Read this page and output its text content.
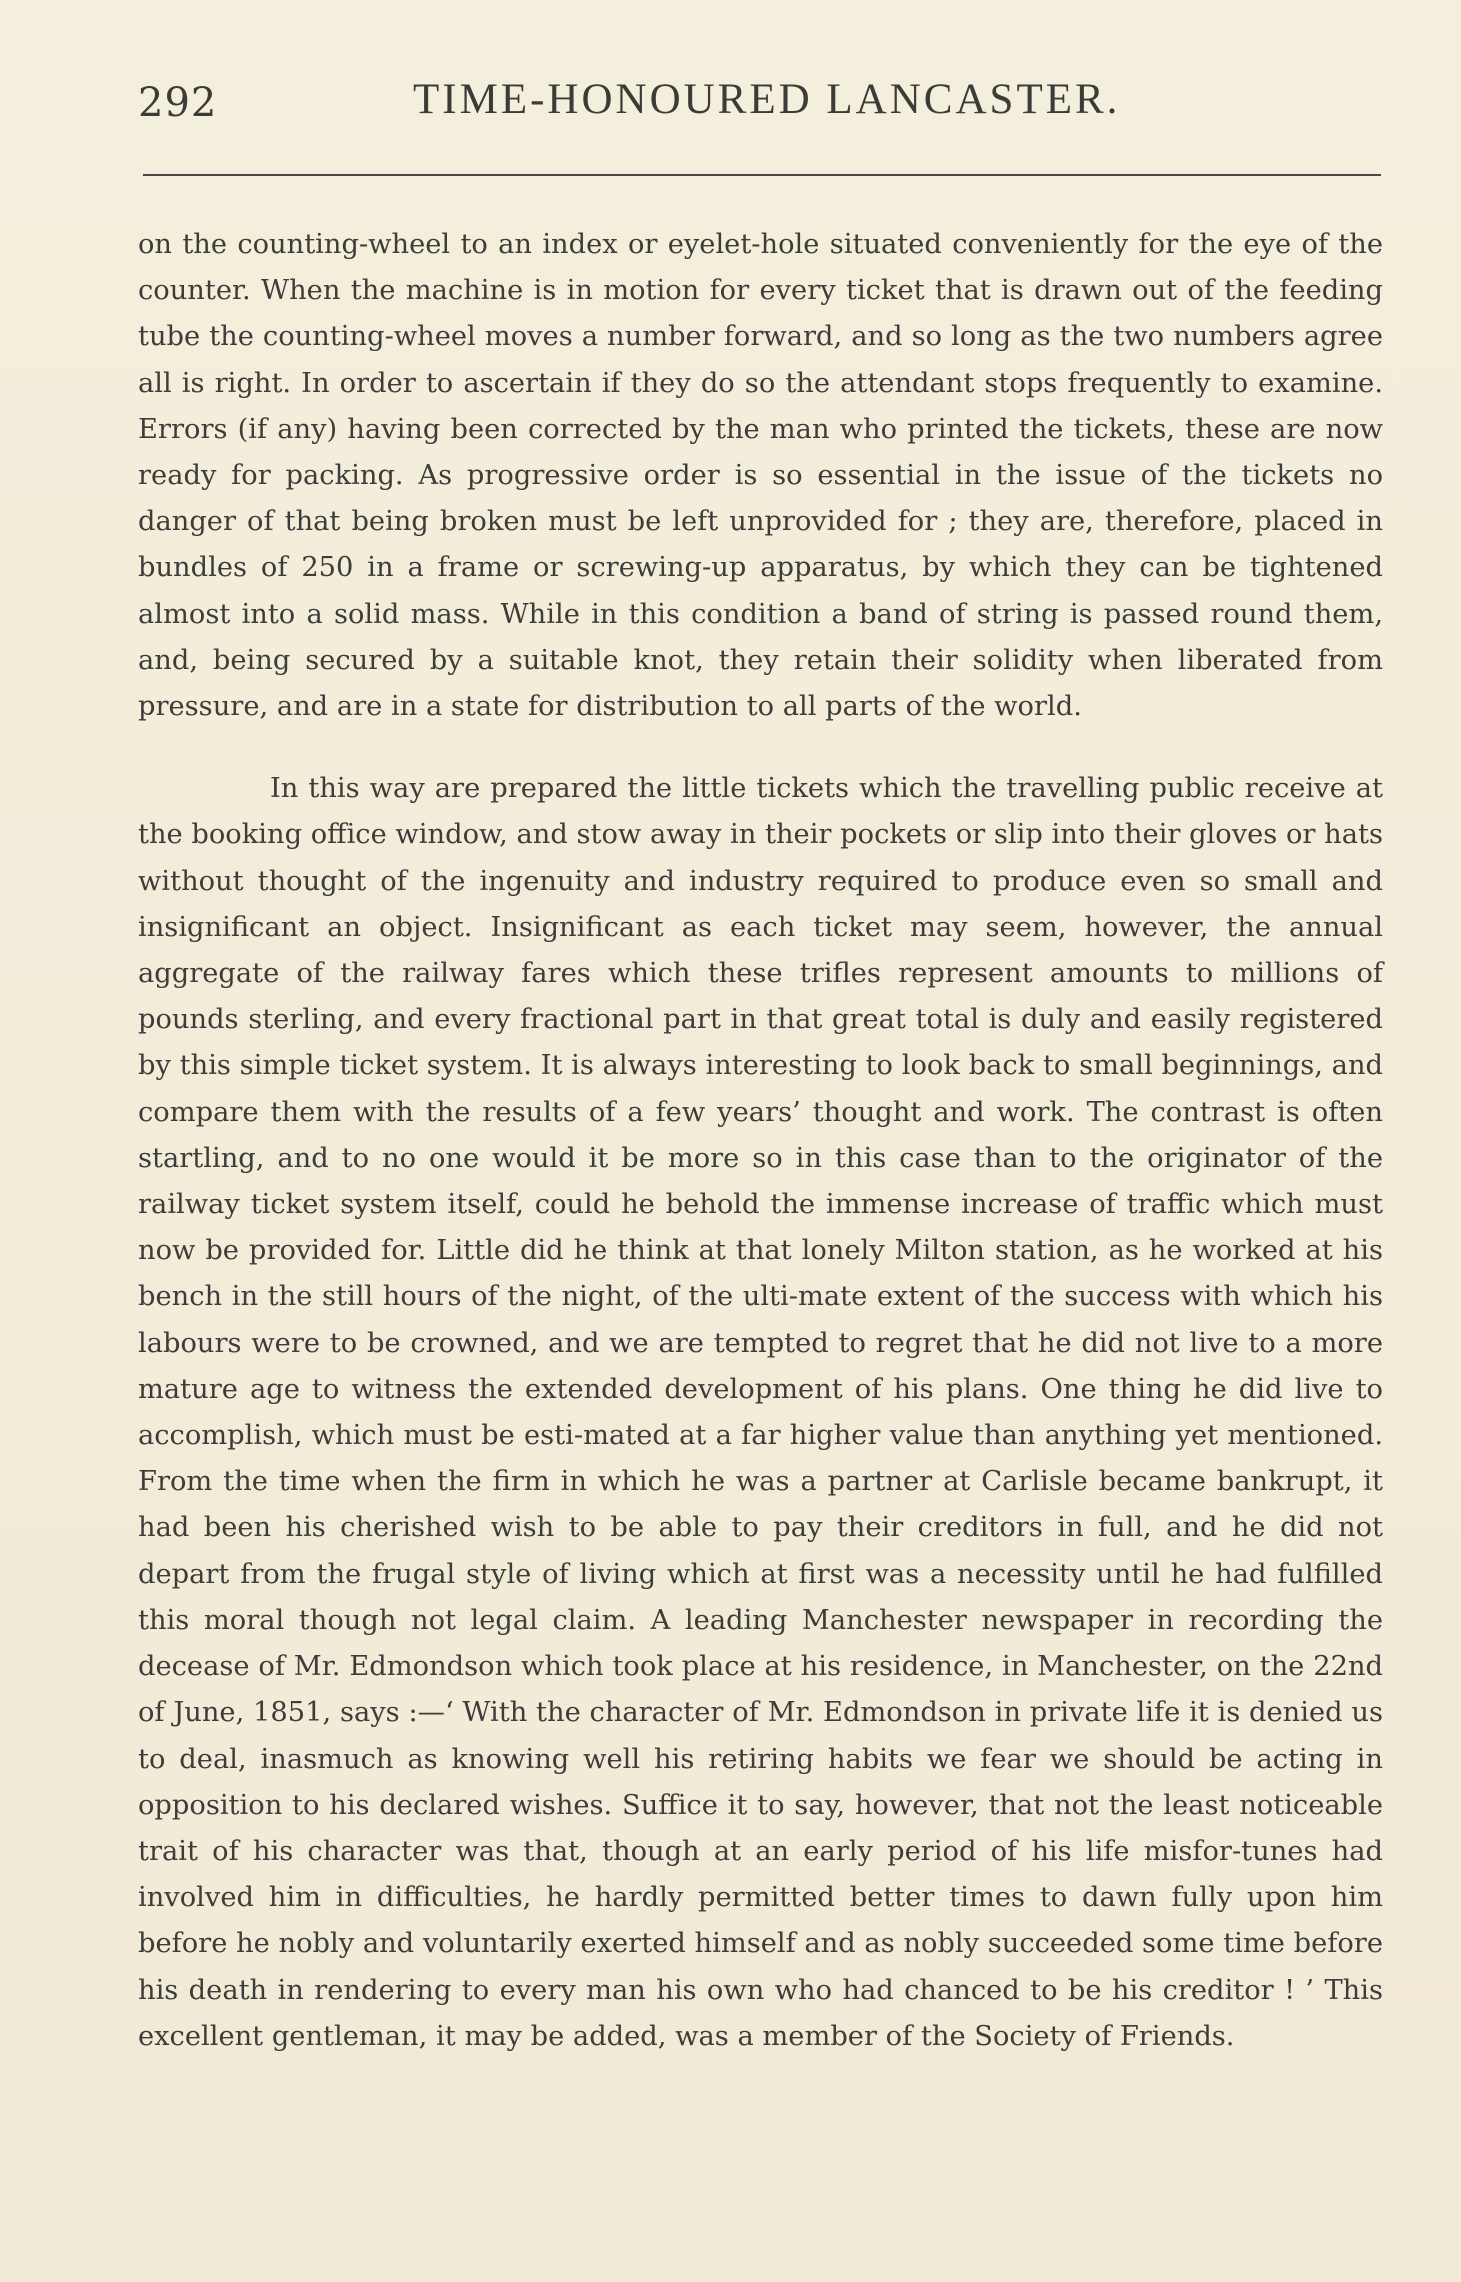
292	TIME-HONOURED LANCASTER.

on the counting-wheel to an index or eyelet-hole situated conveniently for the eye of the counter. When the machine is in motion for every ticket that is drawn out of the feeding tube the counting-wheel moves a number forward, and so long as the two numbers agree all is right. In order to ascertain if they do so the attendant stops frequently to examine. Errors (if any) having been corrected by the man who printed the tickets, these are now ready for packing. As progressive order is so essential in the issue of the tickets no danger of that being broken must be left unprovided for ; they are, therefore, placed in bundles of 250 in a frame or screwing-up apparatus, by which they can be tightened almost into a solid mass. While in this condition a band of string is passed round them, and, being secured by a suitable knot, they retain their solidity when liberated from pressure, and are in a state for distribution to all parts of the world.

In this way are prepared the little tickets which the travelling public receive at the booking office window, and stow away in their pockets or slip into their gloves or hats without thought of the ingenuity and industry required to produce even so small and insignificant an object. Insignificant as each ticket may seem, however, the annual aggregate of the railway fares which these trifles represent amounts to millions of pounds sterling, and every fractional part in that great total is duly and easily registered by this simple ticket system. It is always interesting to look back to small beginnings, and compare them with the results of a few years’ thought and work. The contrast is often startling, and to no one would it be more so in this case than to the originator of the railway ticket system itself, could he behold the immense increase of traffic which must now be provided for. Little did he think at that lonely Milton station, as he worked at his bench in the still hours of the night, of the ulti-mate extent of the success with which his labours were to be crowned, and we are tempted to regret that he did not live to a more mature age to witness the extended development of his plans. One thing he did live to accomplish, which must be esti-mated at a far higher value than anything yet mentioned. From the time when the firm in which he was a partner at Carlisle became bankrupt, it had been his cherished wish to be able to pay their creditors in full, and he did not depart from the frugal style of living which at first was a necessity until he had fulfilled this moral though not legal claim. A leading Manchester newspaper in recording the decease of Mr. Edmondson which took place at his residence, in Manchester, on the 22nd of June, 1851, says :—‘ With the character of Mr. Edmondson in private life it is denied us to deal, inasmuch as knowing well his retiring habits we fear we should be acting in opposition to his declared wishes. Suffice it to say, however, that not the least noticeable trait of his character was that, though at an early period of his life misfor-tunes had involved him in difficulties, he hardly permitted better times to dawn fully upon him before he nobly and voluntarily exerted himself and as nobly succeeded some time before his death in rendering to every man his own who had chanced to be his creditor ! ’ This excellent gentleman, it may be added, was a member of the Society of Friends.
